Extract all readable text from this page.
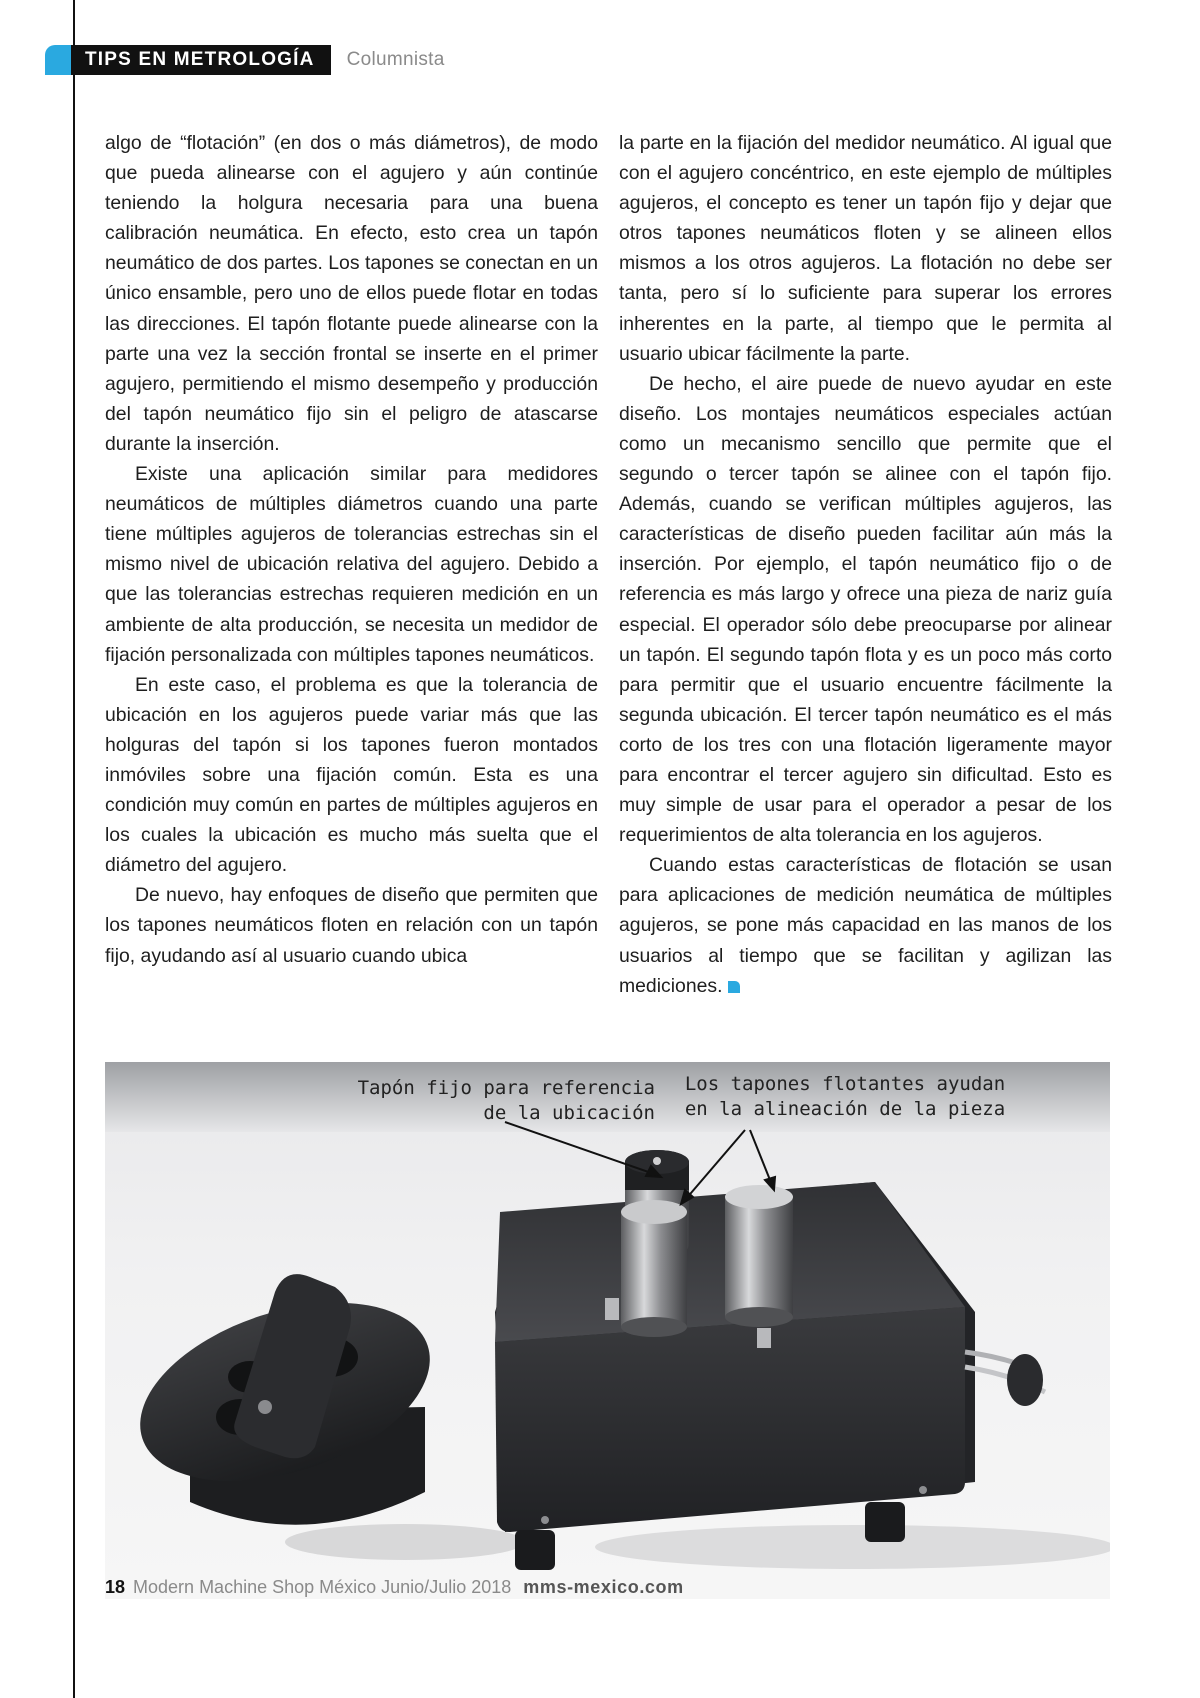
TIPS EN METROLOGÍA	Columnista

algo de “flotación” (en dos o más diámetros), de modo que pueda alinearse con el agujero y aún continúe teniendo la holgura necesaria para una buena calibración neumática. En efecto, esto crea un tapón neumático de dos partes. Los tapones se conectan en un único ensamble, pero uno de ellos puede flotar en todas las direcciones. El tapón flotante puede alinearse con la parte una vez la sección frontal se inserte en el primer agujero, permitiendo el mismo desempeño y producción del tapón neumático fijo sin el peligro de atascarse durante la inserción.

Existe una aplicación similar para medidores neumáticos de múltiples diámetros cuando una parte tiene múltiples agujeros de tolerancias estrechas sin el mismo nivel de ubicación relativa del agujero. Debido a que las tolerancias estrechas requieren medición en un ambiente de alta producción, se necesita un medidor de fijación personalizada con múltiples tapones neumáticos.

En este caso, el problema es que la tolerancia de ubicación en los agujeros puede variar más que las holguras del tapón si los tapones fueron montados inmóviles sobre una fijación común. Esta es una condición muy común en partes de múltiples agujeros en los cuales la ubicación es mucho más suelta que el diámetro del agujero.

De nuevo, hay enfoques de diseño que permiten que los tapones neumáticos floten en relación con un tapón fijo, ayudando así al usuario cuando ubica

la parte en la fijación del medidor neumático. Al igual que con el agujero concéntrico, en este ejemplo de múltiples agujeros, el concepto es tener un tapón fijo y dejar que otros tapones neumáticos floten y se alineen ellos mismos a los otros agujeros. La flotación no debe ser tanta, pero sí lo suficiente para superar los errores inherentes en la parte, al tiempo que le permita al usuario ubicar fácilmente la parte.

De hecho, el aire puede de nuevo ayudar en este diseño. Los montajes neumáticos especiales actúan como un mecanismo sencillo que permite que el segundo o tercer tapón se alinee con el tapón fijo. Además, cuando se verifican múltiples agujeros, las características de diseño pueden facilitar aún más la inserción. Por ejemplo, el tapón neumático fijo o de referencia es más largo y ofrece una pieza de nariz guía especial. El operador sólo debe preocuparse por alinear un tapón. El segundo tapón flota y es un poco más corto para permitir que el usuario encuentre fácilmente la segunda ubicación. El tercer tapón neumático es el más corto de los tres con una flotación ligeramente mayor para encontrar el tercer agujero sin dificultad. Esto es muy simple de usar para el operador a pesar de los requerimientos de alta tolerancia en los agujeros.

Cuando estas características de flotación se usan para aplicaciones de medición neumática de múltiples agujeros, se pone más capacidad en las manos de los usuarios al tiempo que se facilitan y agilizan las mediciones.

Tapón fijo para referencia
de la ubicación
Los tapones flotantes ayudan
en la alineación de la pieza
18 Modern Machine Shop México Junio/Julio 2018 mms-mexico.com
